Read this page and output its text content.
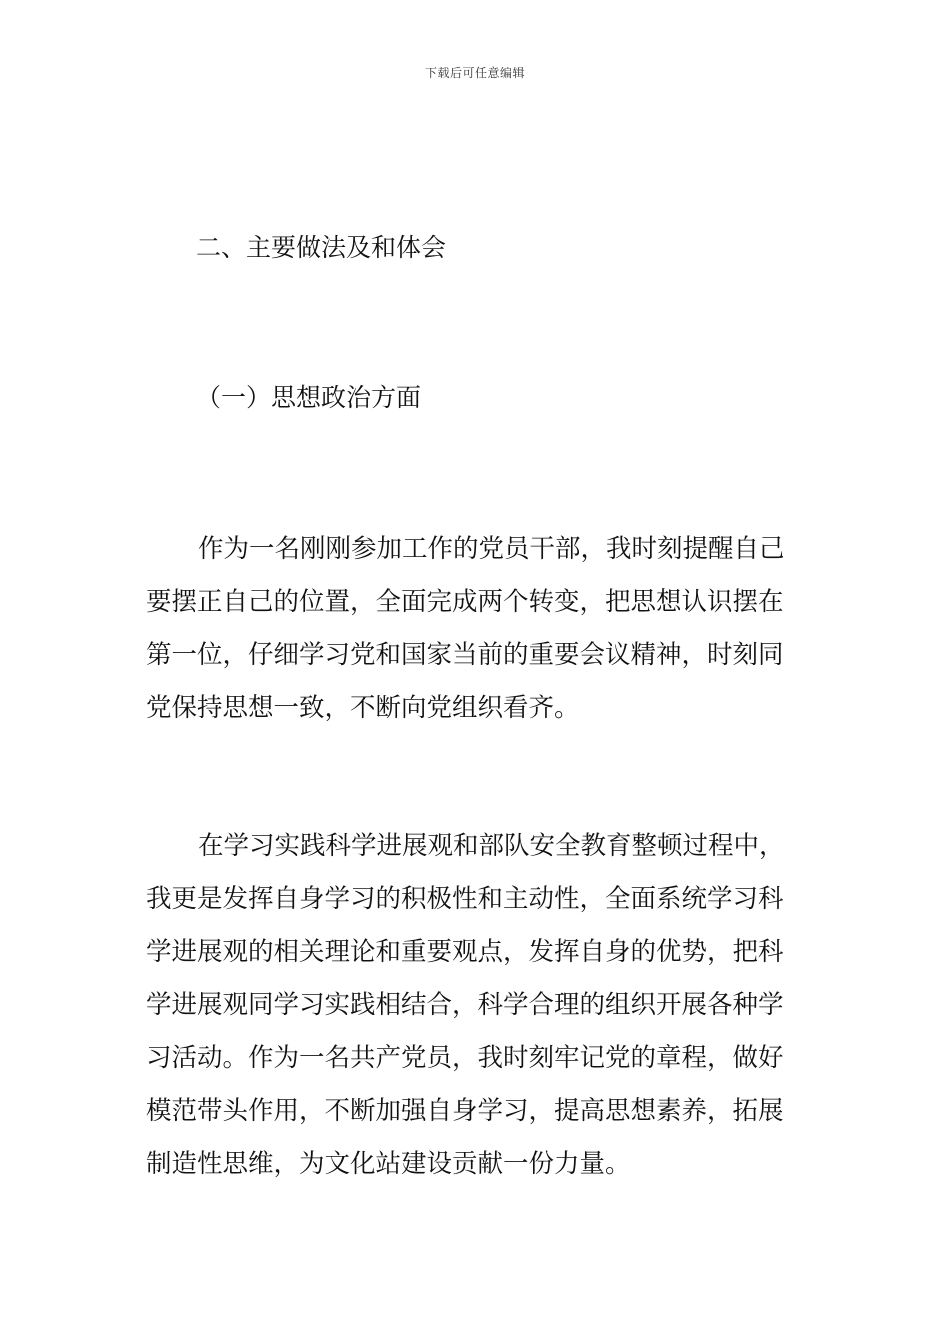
下载后可任意编辑
二、主要做法及和体会
（一）思想政治方面
作为一名刚刚参加工作的党员干部，我时刻提醒自己
要摆正自己的位置，全面完成两个转变，把思想认识摆在
第一位，仔细学习党和国家当前的重要会议精神，时刻同
党保持思想一致，不断向党组织看齐。
在学习实践科学进展观和部队安全教育整顿过程中，
我更是发挥自身学习的积极性和主动性，全面系统学习科
学进展观的相关理论和重要观点，发挥自身的优势，把科
学进展观同学习实践相结合，科学合理的组织开展各种学
习活动。作为一名共产党员，我时刻牢记党的章程，做好
模范带头作用，不断加强自身学习，提高思想素养，拓展
制造性思维，为文化站建设贡献一份力量。
